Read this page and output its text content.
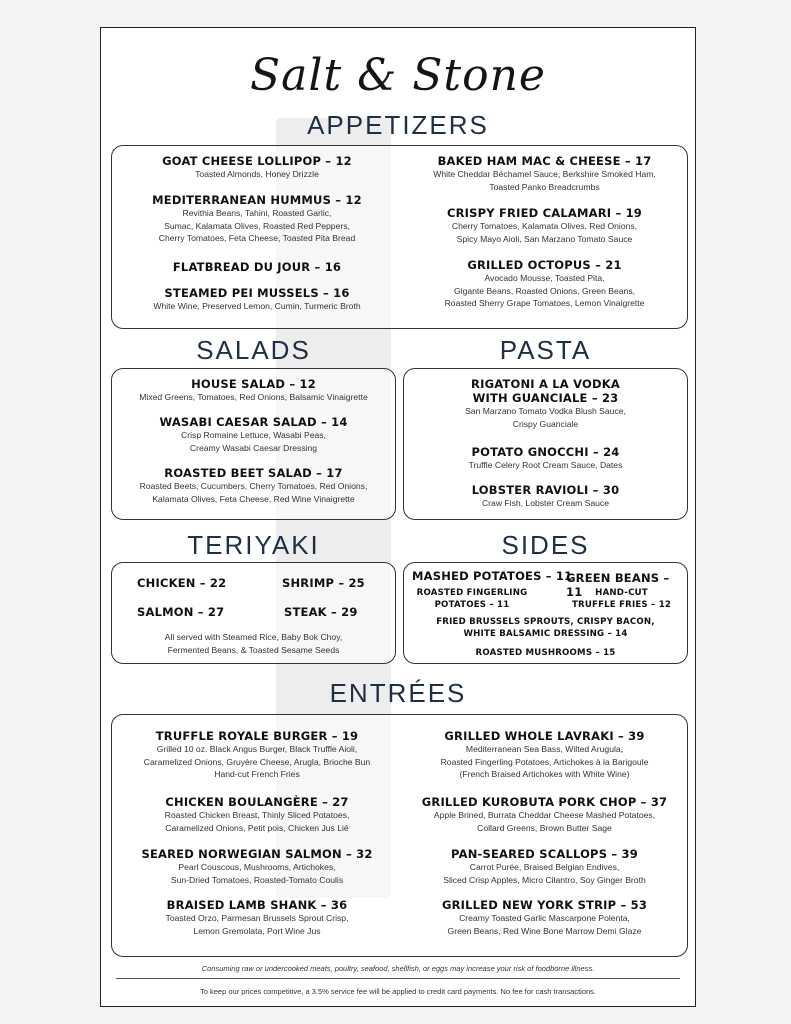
Salt & Stone
APPETIZERS
GOAT CHEESE LOLLIPOP – 12
Toasted Almonds, Honey Drizzle
MEDITERRANEAN HUMMUS – 12
Revithia Beans, Tahini, Roasted Garlic,
Sumac, Kalamata Olives, Roasted Red Peppers,
Cherry Tomatoes, Feta Cheese, Toasted Pita Bread
FLATBREAD DU JOUR – 16
STEAMED PEI MUSSELS – 16
White Wine, Preserved Lemon, Cumin, Turmeric Broth
BAKED HAM MAC & CHEESE – 17
White Cheddar Béchamel Sauce, Berkshire Smoked Ham,
Toasted Panko Breadcrumbs
CRISPY FRIED CALAMARI – 19
Cherry Tomatoes, Kalamata Olives, Red Onions,
Spicy Mayo Aioli, San Marzano Tomato Sauce
GRILLED OCTOPUS – 21
Avocado Mousse, Toasted Pita,
Gigante Beans, Roasted Onions, Green Beans,
Roasted Sherry Grape Tomatoes, Lemon Vinaigrette
SALADS	PASTA
HOUSE SALAD – 12
Mixed Greens, Tomatoes, Red Onions, Balsamic Vinaigrette
WASABI CAESAR SALAD – 14
Crisp Romaine Lettuce, Wasabi Peas,
Creamy Wasabi Caesar Dressing
ROASTED BEET SALAD – 17
Roasted Beets, Cucumbers, Cherry Tomatoes, Red Onions,
Kalamata Olives, Feta Cheese, Red Wine Vinaigrette
RIGATONI A LA VODKA
WITH GUANCIALE – 23
San Marzano Tomato Vodka Blush Sauce,
Crispy Guanciale
POTATO GNOCCHI – 24
Truffle Celery Root Cream Sauce, Dates
LOBSTER RAVIOLI – 30
Craw Fish, Lobster Cream Sauce
TERIYAKI	SIDES
CHICKEN – 22	SHRIMP – 25
SALMON – 27	STEAK – 29
All served with Steamed Rice, Baby Bok Choy,
Fermented Beans, & Toasted Sesame Seeds
MASHED POTATOES – 11
GREEN BEANS – 11
ROASTED FINGERLING
POTATOES – 11
HAND-CUT
TRUFFLE FRIES – 12
FRIED BRUSSELS SPROUTS, CRISPY BACON,
WHITE BALSAMIC DRESSING – 14
ROASTED MUSHROOMS – 15
ENTRÉES
TRUFFLE ROYALE BURGER – 19
Grilled 10 oz. Black Angus Burger, Black Truffle Aioli,
Caramelized Onions, Gruyère Cheese, Arugla, Brioche Bun
Hand-cut French Fries
CHICKEN BOULANGÈRE – 27
Roasted Chicken Breast, Thinly Sliced Potatoes,
Caramelized Onions, Petit pois, Chicken Jus Lié
SEARED NORWEGIAN SALMON – 32
Pearl Couscous, Mushrooms, Artichokes,
Sun-Dried Tomatoes, Roasted-Tomato Coulis
BRAISED LAMB SHANK – 36
Toasted Orzo, Parmesan Brussels Sprout Crisp,
Lemon Gremolata, Port Wine Jus
GRILLED WHOLE LAVRAKI – 39
Mediterranean Sea Bass, Wilted Arugula,
Roasted Fingerling Potatoes, Artichokes à la Barigoule
(French Braised Artichokes with White Wine)
GRILLED KUROBUTA PORK CHOP – 37
Apple Brined, Burrata Cheddar Cheese Mashed Potatoes,
Collard Greens, Brown Butter Sage
PAN-SEARED SCALLOPS – 39
Carrot Purée, Braised Belgian Endives,
Sliced Crisp Apples, Micro Cilantro, Soy Ginger Broth
GRILLED NEW YORK STRIP – 53
Creamy Toasted Garlic Mascarpone Polenta,
Green Beans, Red Wine Bone Marrow Demi Glaze
Consuming raw or undercooked meats, poultry, seafood, shellfish, or eggs may increase your risk of foodborne illness.
To keep our prices competitive, a 3.5% service fee will be applied to credit card payments. No fee for cash transactions.
